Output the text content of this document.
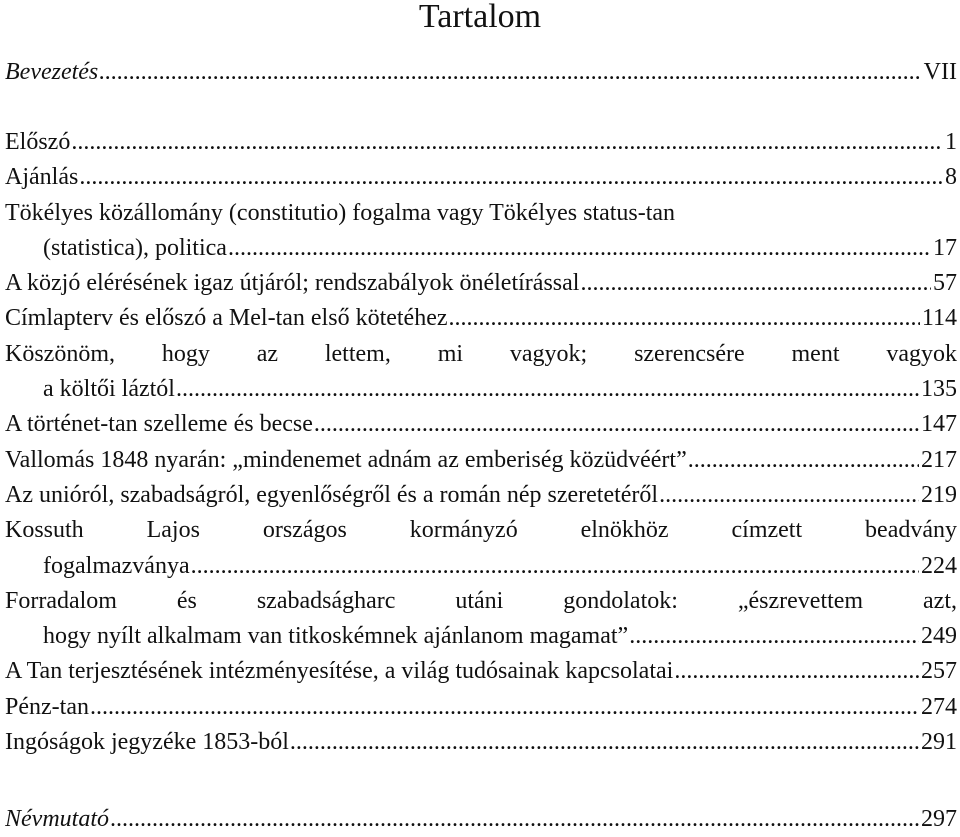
Tartalom
Bevezetés .....	VII
Előszó .....	1
Ajánlás .....	8
Tökélyes közállomány (constitutio) fogalma vagy Tökélyes status-tan
(statistica), politica .....	17
A közjó elérésének igaz útjáról; rendszabályok önéletírással .....	57
Címlapterv és előszó a Mel-tan első kötetéhez .....	114
Köszönöm, hogy az lettem, mi vagyok; szerencsére ment vagyok
a költői láztól .....	135
A történet-tan szelleme és becse .....	147
Vallomás 1848 nyarán: „mindenemet adnám az emberiség közüdvéért” .....	217
Az unióról, szabadságról, egyenlőségről és a román nép szeretetéről .....	219
Kossuth Lajos országos kormányzó elnökhöz címzett beadvány
fogalmazványa .....	224
Forradalom és szabadságharc utáni gondolatok: „észrevettem azt,
hogy nyílt alkalmam van titkoskémnek ajánlanom magamat” .....	249
A Tan terjesztésének intézményesítése, a világ tudósainak kapcsolatai .....	257
Pénz-tan .....	274
Ingóságok jegyzéke 1853-ból .....	291
Névmutató .....	297
